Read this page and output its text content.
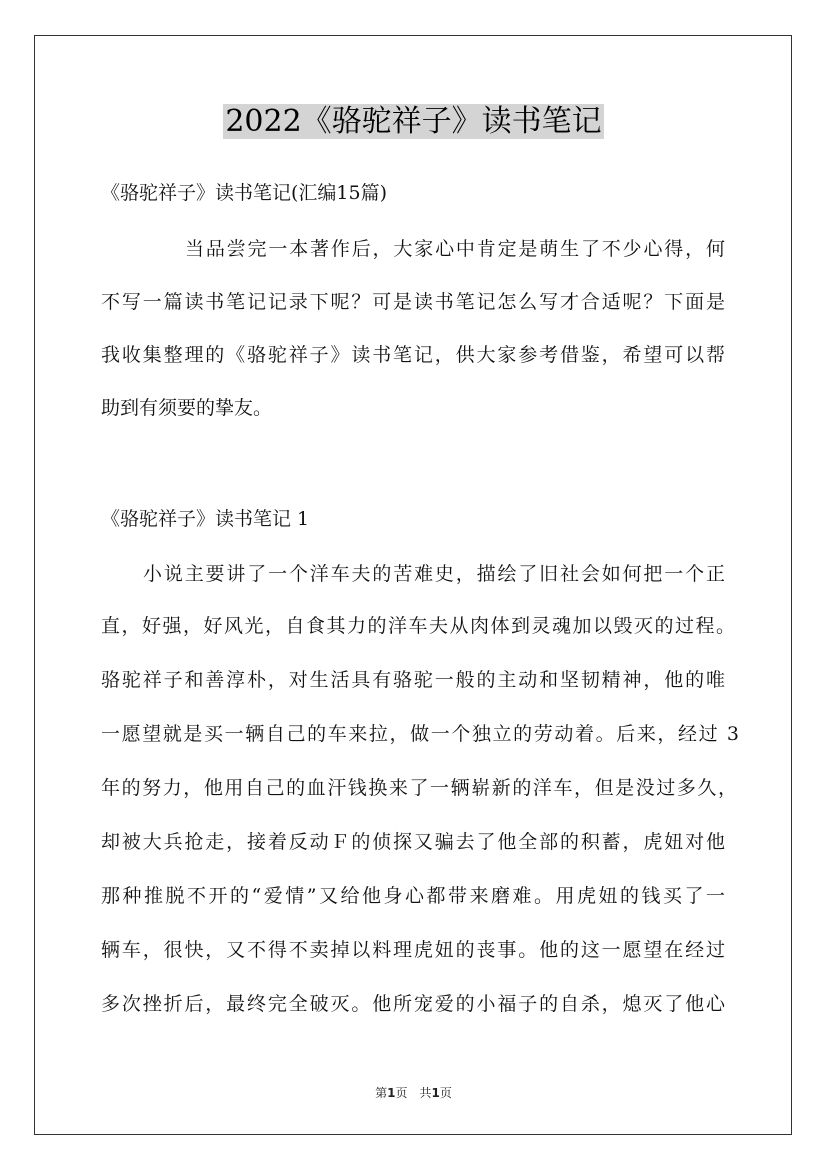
2022《骆驼祥子》读书笔记
《骆驼祥子》读书笔记(汇编15篇)
当品尝完一本著作后，大家心中肯定是萌生了不少心得，何
不写一篇读书笔记记录下呢？可是读书笔记怎么写才合适呢？下面是
我收集整理的《骆驼祥子》读书笔记，供大家参考借鉴，希望可以帮
助到有须要的挚友。
《骆驼祥子》读书笔记 1
小说主要讲了一个洋车夫的苦难史，描绘了旧社会如何把一个正
直，好强，好风光，自食其力的洋车夫从肉体到灵魂加以毁灭的过程。
骆驼祥子和善淳朴，对生活具有骆驼一般的主动和坚韧精神，他的唯
一愿望就是买一辆自己的车来拉，做一个独立的劳动着。后来，经过 3
年的努力，他用自己的血汗钱换来了一辆崭新的洋车，但是没过多久，
却被大兵抢走，接着反动Ｆ的侦探又骗去了他全部的积蓄，虎妞对他
那种推脱不开的“爱情”又给他身心都带来磨难。用虎妞的钱买了一
辆车，很快，又不得不卖掉以料理虎妞的丧事。他的这一愿望在经过
多次挫折后，最终完全破灭。他所宠爱的小福子的自杀，熄灭了他心
第1页　共1页
